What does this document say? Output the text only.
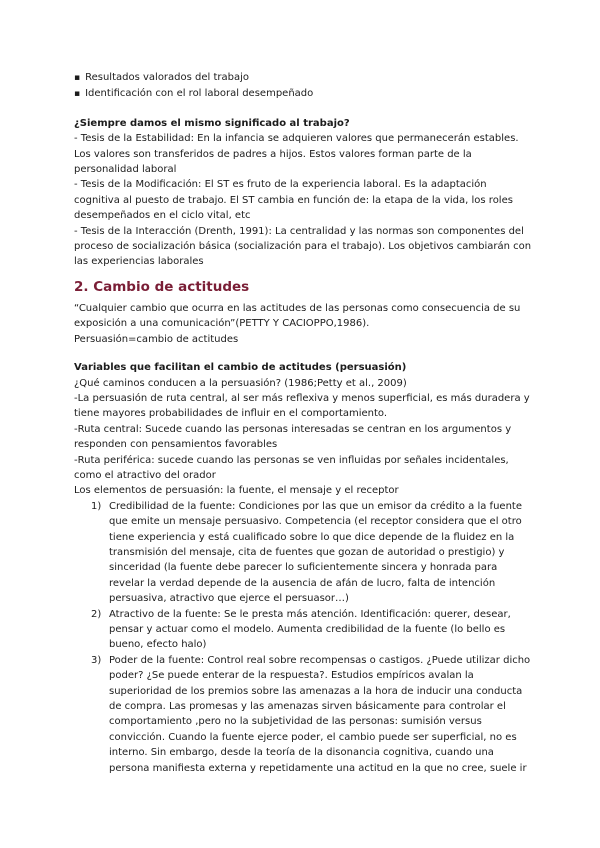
▪ Resultados valorados del trabajo
▪ Identificación con el rol laboral desempeñado
¿Siempre damos el mismo significado al trabajo?

- Tesis de la Estabilidad: En la infancia se adquieren valores que permanecerán estables. Los valores son transferidos de padres a hijos. Estos valores forman parte de la personalidad laboral

- Tesis de la Modificación: El ST es fruto de la experiencia laboral. Es la adaptación cognitiva al puesto de trabajo. El ST cambia en función de: la etapa de la vida, los roles desempeñados en el ciclo vital, etc

- Tesis de la Interacción (Drenth, 1991): La centralidad y las normas son componentes del proceso de socialización básica (socialización para el trabajo). Los objetivos cambiarán con las experiencias laborales

2. Cambio de actitudes

“Cualquier cambio que ocurra en las actitudes de las personas como consecuencia de su exposición a una comunicación”(PETTY Y CACIOPPO,1986).

Persuasión=cambio de actitudes

Variables que facilitan el cambio de actitudes (persuasión)

¿Qué caminos conducen a la persuasión? (1986;Petty et al., 2009)

-La persuasión de ruta central, al ser más reflexiva y menos superficial, es más duradera y tiene mayores probabilidades de influir en el comportamiento.

-Ruta central: Sucede cuando las personas interesadas se centran en los argumentos y responden con pensamientos favorables

-Ruta periférica: sucede cuando las personas se ven influidas por señales incidentales, como el atractivo del orador

Los elementos de persuasión: la fuente, el mensaje y el receptor

1) Credibilidad de la fuente: Condiciones por las que un emisor da crédito a la fuente que emite un mensaje persuasivo. Competencia (el receptor considera que el otro tiene experiencia y está cualificado sobre lo que dice depende de la fluidez en la transmisión del mensaje, cita de fuentes que gozan de autoridad o prestigio) y sinceridad (la fuente debe parecer lo suficientemente sincera y honrada para revelar la verdad depende de la ausencia de afán de lucro, falta de intención persuasiva, atractivo que ejerce el persuasor…)
2) Atractivo de la fuente: Se le presta más atención. Identificación: querer, desear, pensar y actuar como el modelo. Aumenta credibilidad de la fuente (lo bello es bueno, efecto halo)
3) Poder de la fuente: Control real sobre recompensas o castigos. ¿Puede utilizar dicho poder? ¿Se puede enterar de la respuesta?. Estudios empíricos avalan la superioridad de los premios sobre las amenazas a la hora de inducir una conducta de compra. Las promesas y las amenazas sirven básicamente para controlar el comportamiento ,pero no la subjetividad de las personas: sumisión versus convicción. Cuando la fuente ejerce poder, el cambio puede ser superficial, no es interno. Sin embargo, desde la teoría de la disonancia cognitiva, cuando una persona manifiesta externa y repetidamente una actitud en la que no cree, suele ir
